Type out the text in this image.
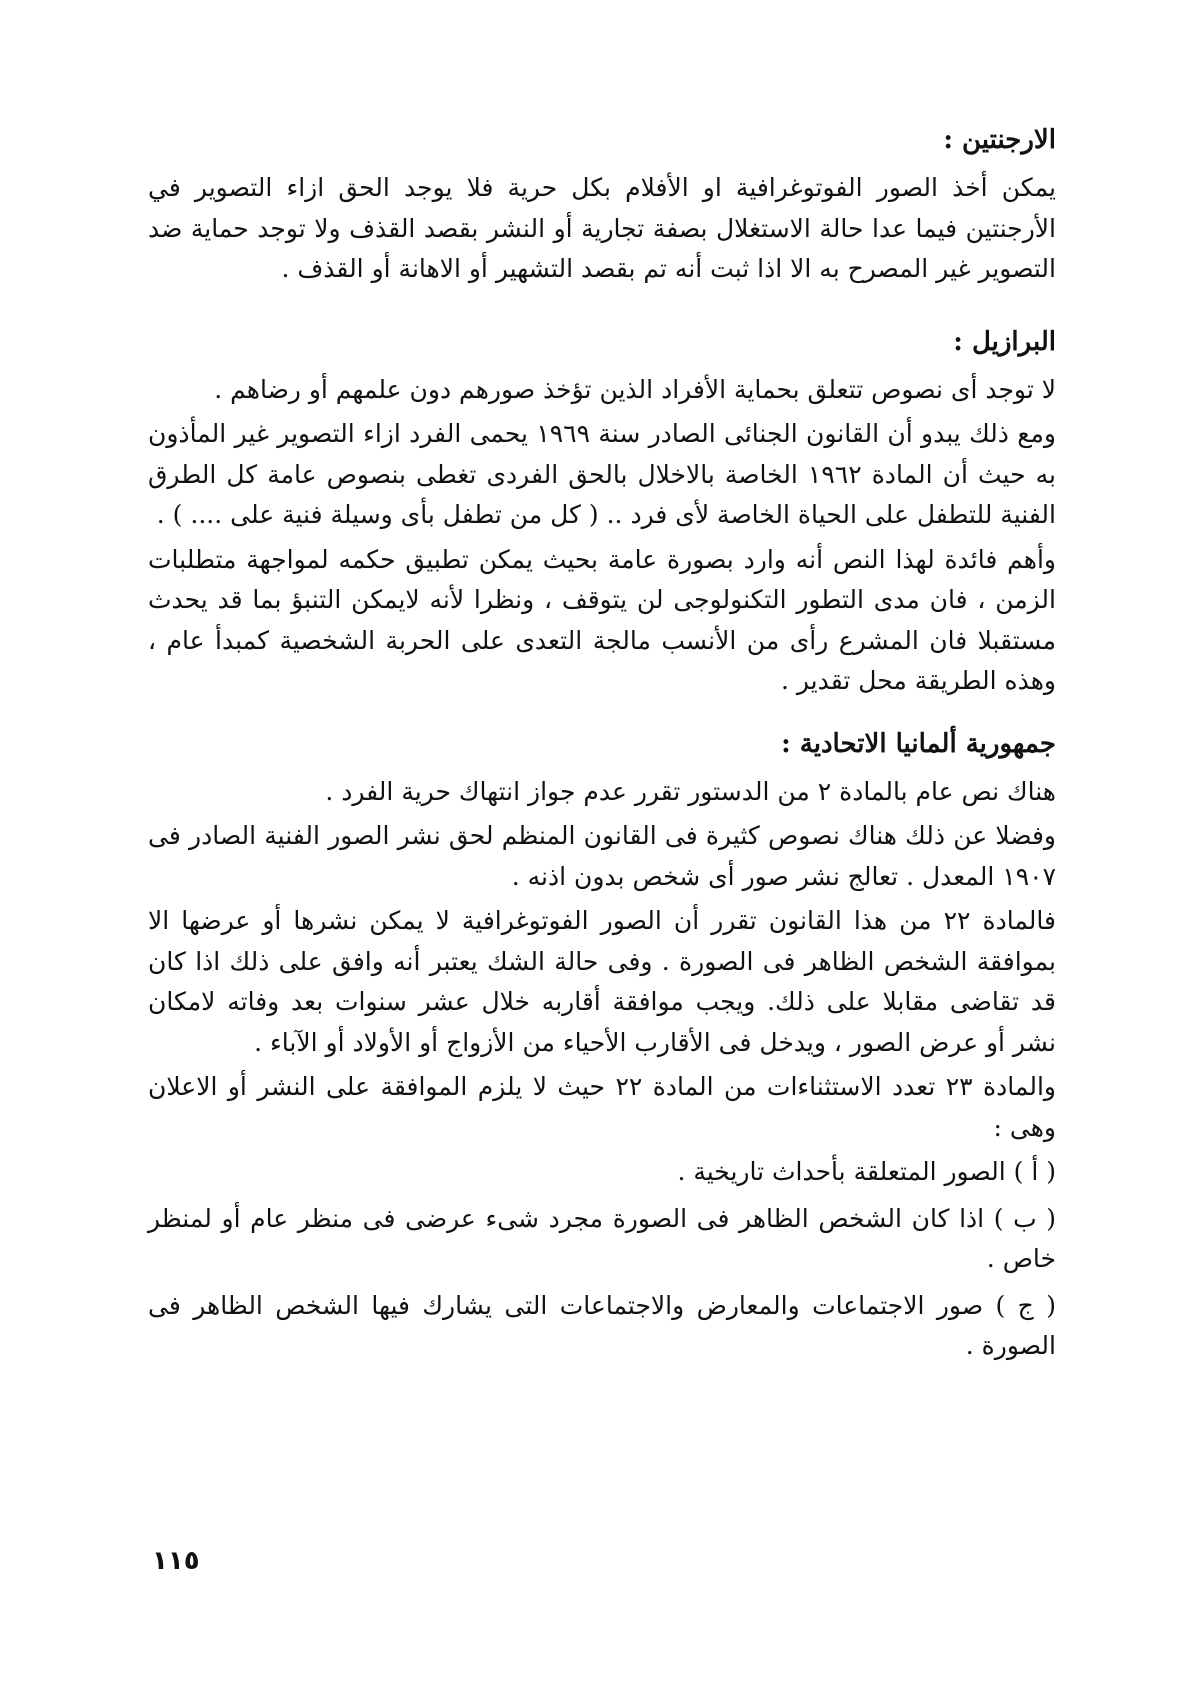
الارجنتين :

يمكن أخذ الصور الفوتوغرافية او الأفلام بكل حرية فلا يوجد الحق ازاء التصوير في الأرجنتين فيما عدا حالة الاستغلال بصفة تجارية أو النشر بقصد القذف ولا توجد حماية ضد التصوير غير المصرح به الا اذا ثبت أنه تم بقصد التشهير أو الاهانة أو القذف .

البرازيل :

لا توجد أى نصوص تتعلق بحماية الأفراد الذين تؤخذ صورهم دون علمهم أو رضاهم .

ومع ذلك يبدو أن القانون الجنائى الصادر سنة ١٩٦٩ يحمى الفرد ازاء التصوير غير المأذون به حيث أن المادة ١٩٦٢ الخاصة بالاخلال بالحق الفردى تغطى بنصوص عامة كل الطرق الفنية للتطفل على الحياة الخاصة لأى فرد .. ( كل من تطفل بأى وسيلة فنية على .... ) .

وأهم فائدة لهذا النص أنه وارد بصورة عامة بحيث يمكن تطبيق حكمه لمواجهة متطلبات الزمن ، فان مدى التطور التكنولوجى لن يتوقف ، ونظرا لأنه لايمكن التنبؤ بما قد يحدث مستقبلا فان المشرع رأى من الأنسب مالجة التعدى على الحربة الشخصية كمبدأ عام ، وهذه الطريقة محل تقدير .

جمهورية ألمانيا الاتحادية :

هناك نص عام بالمادة ٢ من الدستور تقرر عدم جواز انتهاك حرية الفرد .

وفضلا عن ذلك هناك نصوص كثيرة فى القانون المنظم لحق نشر الصور الفنية الصادر فى ١٩٠٧ المعدل . تعالج نشر صور أى شخص بدون اذنه .

فالمادة ٢٢ من هذا القانون تقرر أن الصور الفوتوغرافية لا يمكن نشرها أو عرضها الا بموافقة الشخص الظاهر فى الصورة . وفى حالة الشك يعتبر أنه وافق على ذلك اذا كان قد تقاضى مقابلا على ذلك. ويجب موافقة أقاربه خلال عشر سنوات بعد وفاته لامكان نشر أو عرض الصور ، ويدخل فى الأقارب الأحياء من الأزواج أو الأولاد أو الآباء .

والمادة ٢٣ تعدد الاستثناءات من المادة ٢٢ حيث لا يلزم الموافقة على النشر أو الاعلان وهى :

( أ ) الصور المتعلقة بأحداث تاريخية .

( ب ) اذا كان الشخص الظاهر فى الصورة مجرد شىء عرضى فى منظر عام أو لمنظر خاص .

( ج ) صور الاجتماعات والمعارض والاجتماعات التى يشارك فيها الشخص الظاهر فى الصورة .

١١٥
